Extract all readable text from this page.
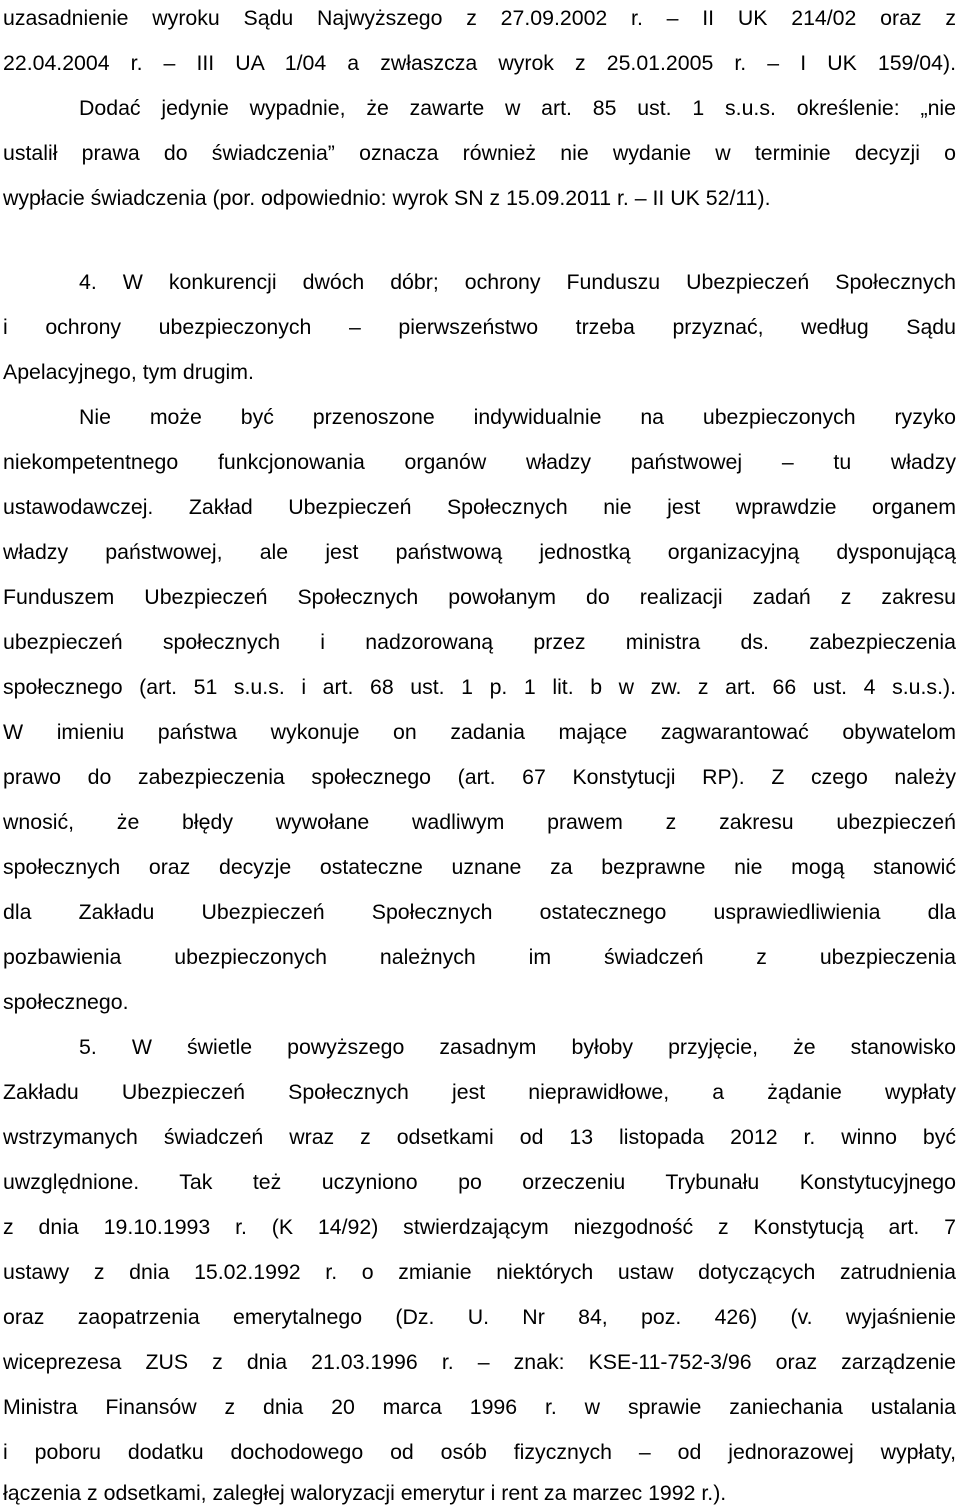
uzasadnienie wyroku Sądu Najwyższego z 27.09.2002 r. – II UK 214/02 oraz z
22.04.2004 r. – III UA 1/04 a zwłaszcza wyrok z 25.01.2005 r. – I UK 159/04).
Dodać jedynie wypadnie, że zawarte w art. 85 ust. 1 s.u.s. określenie: „nie
ustalił prawa do świadczenia” oznacza również nie wydanie w terminie decyzji o
wypłacie świadczenia (por. odpowiednio: wyrok SN z 15.09.2011 r. – II UK 52/11).
4. W konkurencji dwóch dóbr; ochrony Funduszu Ubezpieczeń Społecznych
i ochrony ubezpieczonych – pierwszeństwo trzeba przyznać, według Sądu
Apelacyjnego, tym drugim.
Nie może być przenoszone indywidualnie na ubezpieczonych ryzyko
niekompetentnego funkcjonowania organów władzy państwowej – tu władzy
ustawodawczej. Zakład Ubezpieczeń Społecznych nie jest wprawdzie organem
władzy państwowej, ale jest państwową jednostką organizacyjną dysponującą
Funduszem Ubezpieczeń Społecznych powołanym do realizacji zadań z zakresu
ubezpieczeń społecznych i nadzorowaną przez ministra ds. zabezpieczenia
społecznego (art. 51 s.u.s. i art. 68 ust. 1 p. 1 lit. b w zw. z art. 66 ust. 4 s.u.s.).
W imieniu państwa wykonuje on zadania mające zagwarantować obywatelom
prawo do zabezpieczenia społecznego (art. 67 Konstytucji RP). Z czego należy
wnosić, że błędy wywołane wadliwym prawem z zakresu ubezpieczeń
społecznych oraz decyzje ostateczne uznane za bezprawne nie mogą stanowić
dla Zakładu Ubezpieczeń Społecznych ostatecznego usprawiedliwienia dla
pozbawienia ubezpieczonych należnych im świadczeń z ubezpieczenia
społecznego.
5. W świetle powyższego zasadnym byłoby przyjęcie, że stanowisko
Zakładu Ubezpieczeń Społecznych jest nieprawidłowe, a żądanie wypłaty
wstrzymanych świadczeń wraz z odsetkami od 13 listopada 2012 r. winno być
uwzględnione. Tak też uczyniono po orzeczeniu Trybunału Konstytucyjnego
z dnia 19.10.1993 r. (K 14/92) stwierdzającym niezgodność z Konstytucją art. 7
ustawy z dnia 15.02.1992 r. o zmianie niektórych ustaw dotyczących zatrudnienia
oraz zaopatrzenia emerytalnego (Dz. U. Nr 84, poz. 426) (v. wyjaśnienie
wiceprezesa ZUS z dnia 21.03.1996 r. – znak: KSE-11-752-3/96 oraz zarządzenie
Ministra Finansów z dnia 20 marca 1996 r. w sprawie zaniechania ustalania
i poboru dodatku dochodowego od osób fizycznych – od jednorazowej wypłaty,
łączenia z odsetkami, zaległej waloryzacji emerytur i rent za marzec 1992 r.).
